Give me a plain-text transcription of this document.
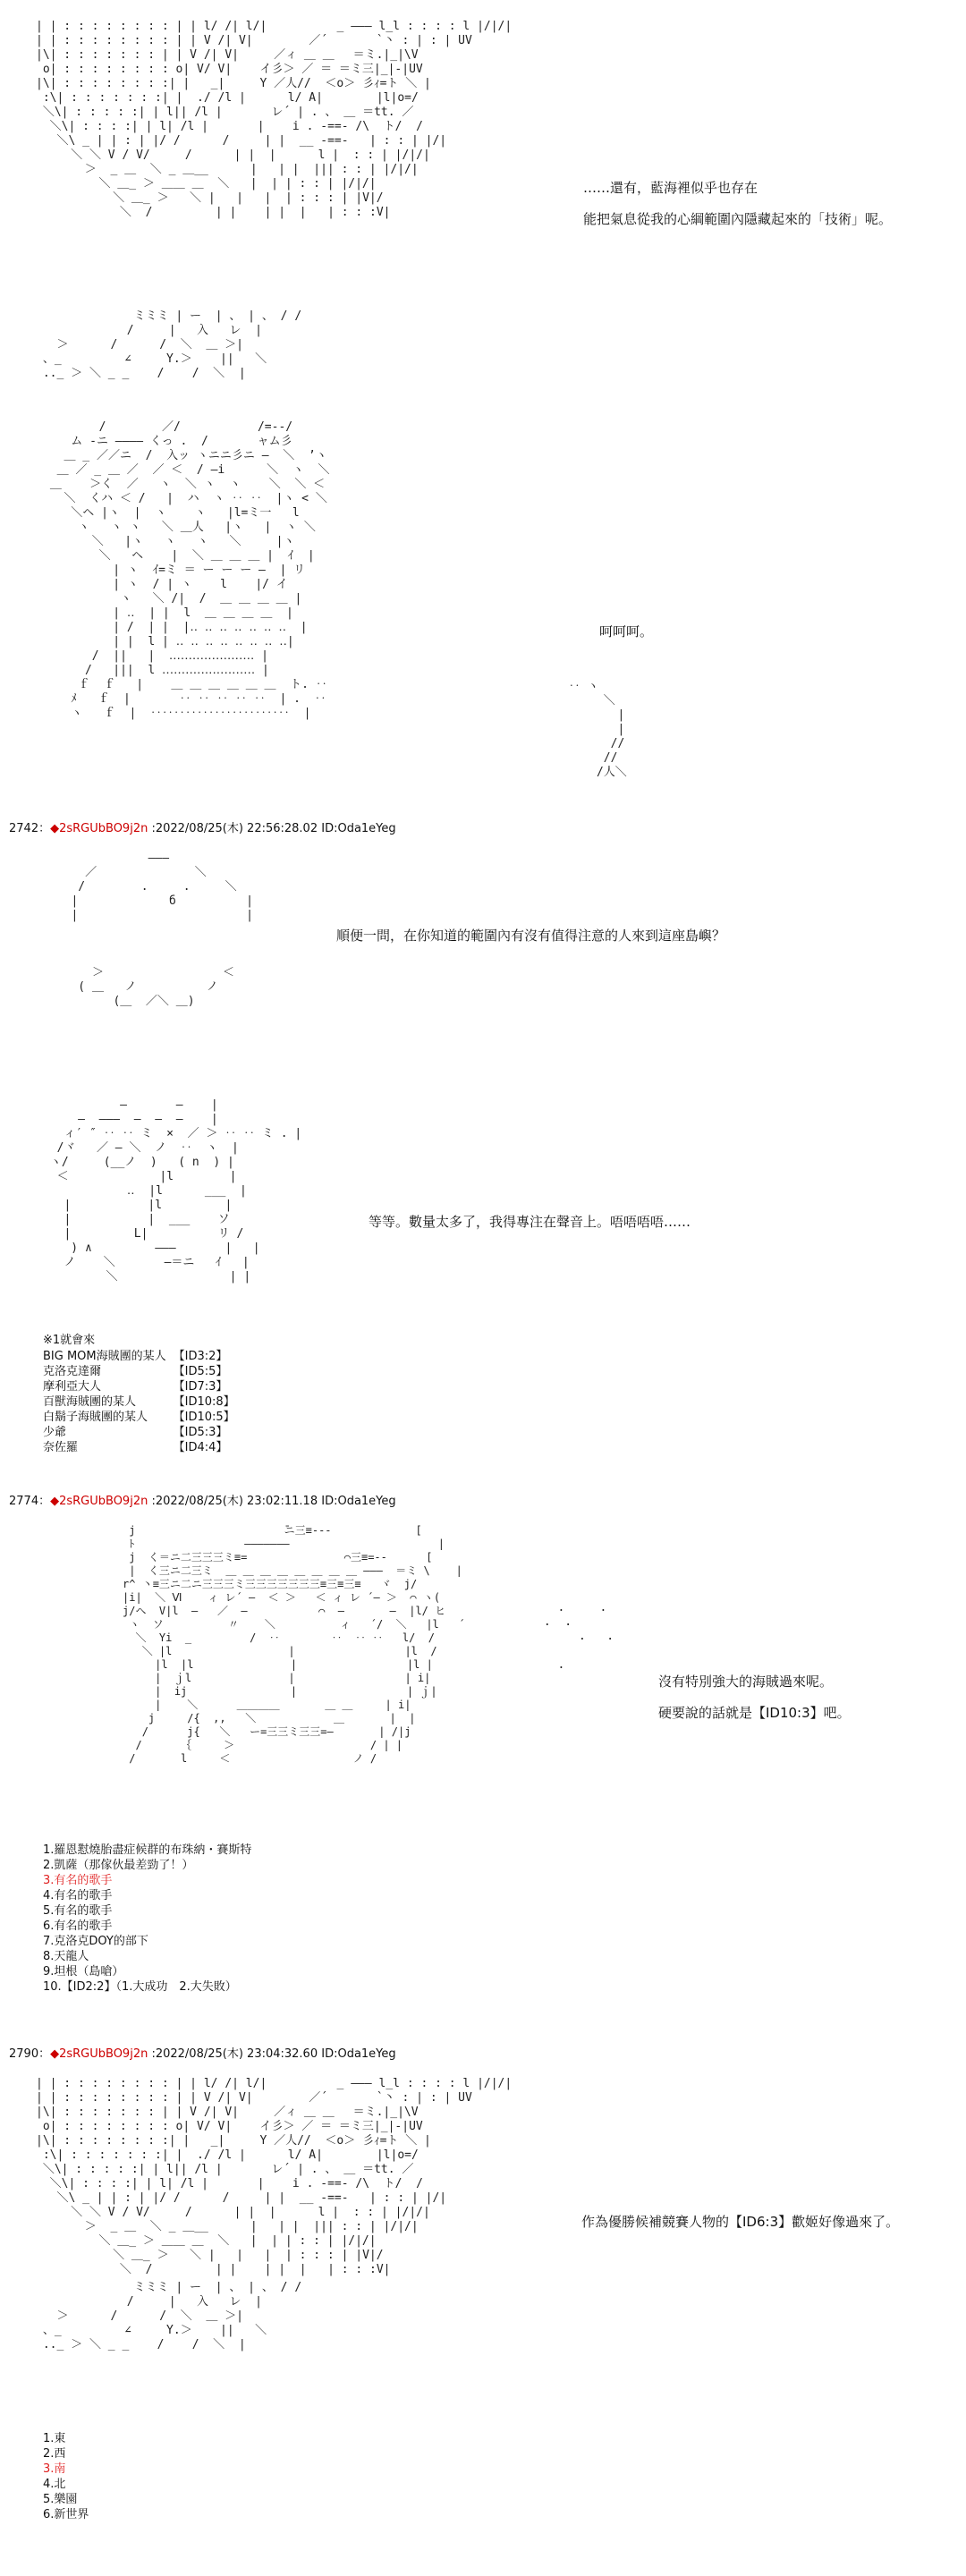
| | : : : : : : : : | | l/ /| l/|          _ ――― l_l : : : : l |/|/|
| | : : : : : : : : | | V /| V|        ／´       `丶 : | : | UV
|\| : : : : : : : | | V /| V|     ／ィ ＿ ＿ 　＝ミ.|_|\V
o| : : : : : : : : o| V/ V|    イ彡＞ ／ ＝ ＝ミ三|_|-|UV
|\| : : : : : : : :| |   _|     Y ／人//  ＜o＞ 彡ｨ=ト ＼ |
:\| : : : : : : :| |  ./ /l |      l/ A|    　  |l|o=/
＼\| : : : : :| | l|| /l |       レ´ | . 、 ＿ ＝tt. ／
＼\| : : : :| | l| /l |       |    i . -==- /\  ト/  /
＼\ _ | | : | |/ /      /     | |  __ -==-   | : : | |/|
＼ ＼ V / V/     /      | |  |      l |  : : | |/|/|
＞  _ ＿  ＼ _ ＿__      |   | |  ||| : : | |/|/|
＼ ＿_ ＞ ＿＿ ＿  ＼   |  | | : : | |/|/|
＼ ＿_ ＞   ＼ |   |   |  | : : : | |V|/
＼  /         | |    | |  |   | : : :V|
ミミミ | ー  | 、 | 、 / /
/     |   入   レ  |
＞      /      /  ＼  ＿ ＞|
、_         ∠     Y.＞    ||   ＼
.._ ＞ ＼ _ _    /    /  ＼  |

……還有，藍海裡似乎也存在

能把氣息從我的心綱範圍內隱藏起來的「技術」呢。

/        ／/           /=--/
ム -ニ ―――― くっ .  /       ャム彡
＿ _ ／／ニ  /  入ッ ヽニニ彡ニ ―  ＼  ’ヽ
＿ ／ _ ＿ ／  ／ ＜  / ―i      ＼  ヽ  ＼
＿    ＞く  ／   ヽ  ＼ ヽ  ヽ    ＼  ＼ ＜
＼  くハ ＜ /   |  ハ  ヽ ‥ ‥  |ヽ < ＼
＼ヘ |ヽ  |  ヽ    ヽ   |l=ミ一   l
ヽ   ヽ ヽ   ＼ ＿人   |ヽ   |  ヽ ＼
＼   |ヽ   ヽ   ヽ   ＼     |ヽ
＼   ヘ    |  ＼ ＿ ＿ ＿ |  ｲ  |
| ヽ  ｲ=ミ ＝ ー ー ー ―  | リ
| ヽ  / | ヽ    l    |/ イ
ヽ   ＼ /|  /  ＿ ＿ ＿ ＿ |
| ‥  | |  l  ＿ ＿ ＿ ＿  |
| /  | |  |‥ ‥ ‥ ‥ ‥ ‥ ‥  |
| |  l | ‥ ‥ ‥ ‥ ‥ ‥ ‥ ‥|
/  ||   |  ‥‥‥‥‥‥‥‥‥‥‥ |
/   |||  l ‥‥‥‥‥‥‥‥‥‥‥‥ |
ｆ  ｆ   |    ＿ ＿ ＿ ＿ ＿ ＿  ト. ‥
ﾒ   ｆ  |       ‥ ‥ ‥ ‥ ‥  | .  ‥
ヽ   ｆ  |  ‥‥‥‥‥‥‥‥‥‥‥‥  |
‥ ヽ
＼
|
|
//
//
/人＼

呵呵呵。

2742：◆2sRGUbBO9j2n :2022/08/25(木) 22:56:28.02 ID:Oda1eYeg
―――
／              ＼
/        .     .     ＼
|             б          |
|                        |

＞                 ＜
( ＿   ノ          ノ
(＿  ／＼ ＿)

順便一問，在你知道的範圍內有沒有值得注意的人來到這座島嶼？

―       ―    |
―  ―――  ―  ―  ―    |
ィ′ ″ ‥ ‥ ミ  ×  ／ ＞ ‥ ‥ ミ . |
/ヾ   ／ ― ＼  ノ  ‥  ヽ  |
ヽ/     (__ノ  )   ( n  ) |
＜             |l        |
‥  |l      ___  |
|           |l         |
|           |  ___    ソ
|         L|          リ /
) ∧         ―――       |   |
ノ    ＼       ―＝ニ   ｲ   |
＼                | |

等等。數量太多了，我得專注在聲音上。唔唔唔唔……

※1就會來
BIG MOM海賊團的某人	【ID3:2】
克洛克達爾	【ID5:5】
摩利亞大人	【ID7:3】
百獸海賊團的某人	【ID10:8】
白鬍子海賊團的某人	【ID10:5】
少爺	【ID5:3】
奈佐羅	【ID4:4】
2774：◆2sRGUbBO9j2n :2022/08/25(木) 23:02:11.18 ID:Oda1eYeg
j                       ̄ニ三≡---             [
ﾄ                 ―――――――                       |
j  く＝ニ二三三三ミ≡=               ⌒三≡=--      [
|  く三ニ二三ミ  ＿ ＿ ＿ ＿ ＿ ＿ ＿ ＿ ―――  ＝ミ \    |
r^ 丶≡三ニ二ニ三三三ミ三三三三三三三≡三≡三≡   ヾ  j/
|i|  ＼ Ⅵ    ィ レ´ ―  ＜ ＞   ＜ ィ レ ´― ＞  ⌒ ヽ(
j/ヘ  V|l  ―   ／  ―           ⌒  ―       ―  |l/ ヒ
ヽ  ソ          〃    ＼          ィ   ´/  ＼   |l   ´
＼  Yi  _         /  ‥        ‥  ‥ ‥   l/  /
＼ |l                  |                 |l  /
|l  |l               |                 |l |
|  ｊl               |                 | i|
|  ij                |                 | ｊ|
|    ＼      ＿＿＿＿       ＿ ＿     | i|
j     /{  ,,   ＼            ＿       |  |
/      j{   ＼   ー=三三ミ三三=―       | /|j
/      ｛     ＞                     / | |
/       l     ＜                   ノ /
.     .
.  .
.   .

.

沒有特別強大的海賊過來呢。

硬要說的話就是【ID10:3】吧。

1.羅恩懟燒胎盡症候群的布珠納・賽斯特
2.凱薩（那傢伙最差勁了！）
3.有名的歌手
4.有名的歌手
5.有名的歌手
6.有名的歌手
7.克洛克DOY的部下
8.天龍人
9.坦根（島嗆）
10.【ID2:2】（1.大成功　2.大失敗）
2790：◆2sRGUbBO9j2n :2022/08/25(木) 23:04:32.60 ID:Oda1eYeg
| | : : : : : : : : | | l/ /| l/|          _ ――― l_l : : : : l |/|/|
| | : : : : : : : : | | V /| V|        ／´       `丶 : | : | UV
|\| : : : : : : : | | V /| V|     ／ィ ＿ ＿ 　＝ミ.|_|\V
o| : : : : : : : : o| V/ V|    イ彡＞ ／ ＝ ＝ミ三|_|-|UV
|\| : : : : : : : :| |   _|     Y ／人//  ＜o＞ 彡ｨ=ト ＼ |
:\| : : : : : : :| |  ./ /l |      l/ A|    　  |l|o=/
＼\| : : : : :| | l|| /l |       レ´ | . 、 ＿ ＝tt. ／
＼\| : : : :| | l| /l |       |    i . -==- /\  ト/  /
＼\ _ | | : | |/ /      /     | |  __ -==-   | : : | |/|
＼ ＼ V / V/     /      | |  |      l |  : : | |/|/|
＞  _ ＿  ＼ _ ＿__      |   | |  ||| : : | |/|/|
＼ ＿_ ＞ ＿＿ ＿  ＼   |  | | : : | |/|/|
＼ ＿_ ＞   ＼ |   |   |  | : : : | |V|/
＼  /         | |    | |  |   | : : :V|
ミミミ | ー  | 、 | 、 / /
/     |   入   レ  |
＞      /      /  ＼  ＿ ＞|
、_         ∠     Y.＞    ||   ＼
.._ ＞ ＼ _ _    /    /  ＼  |

作為優勝候補競賽人物的【ID6:3】歡姬好像過來了。

1.東
2.西
3.南
4.北
5.樂園
6.新世界
